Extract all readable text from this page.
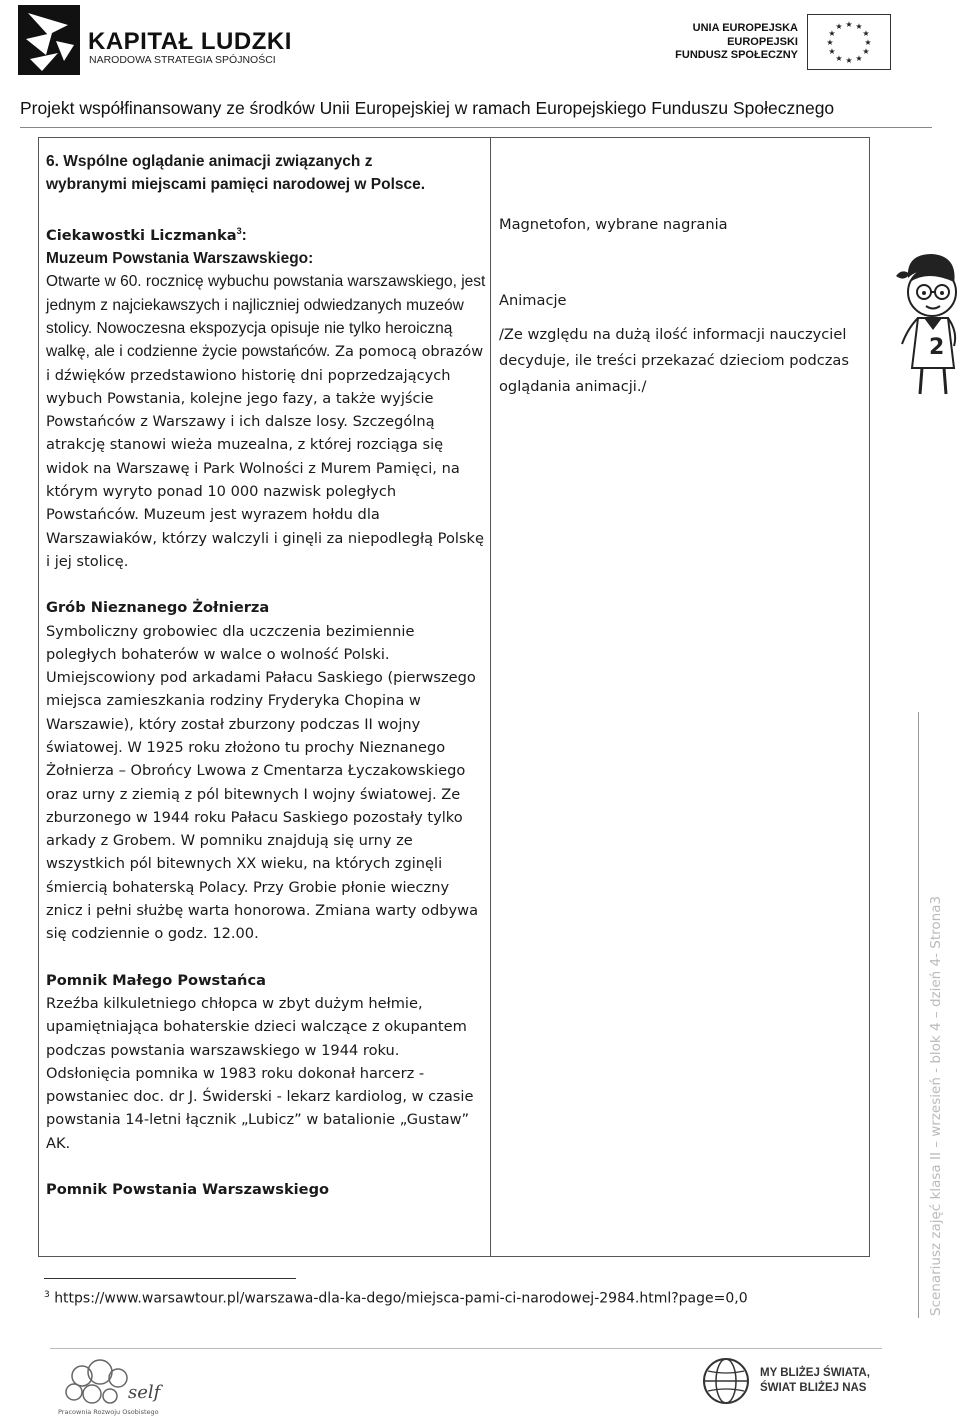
KAPITAŁ LUDZKI
NARODOWA STRATEGIA SPÓJNOŚCI
UNIA EUROPEJSKA
EUROPEJSKI
FUNDUSZ SPOŁECZNY
★ ★
★
★
★
★
★
★
★
★
★
★
Projekt współfinansowany ze środków Unii Europejskiej w ramach Europejskiego Funduszu Społecznego

6. Wspólne oglądanie animacji związanych z

wybranymi miejscami pamięci narodowej w Polsce.

Ciekawostki Liczmanka$^3$:

Muzeum Powstania Warszawskiego:

Otwarte w 60. rocznicę wybuchu powstania warszawskiego, jest jednym z najciekawszych i najliczniej odwiedzanych muzeów stolicy. Nowoczesna ekspozycja opisuje nie tylko heroiczną walkę, ale i codzienne życie powstańców. Za pomocą obrazów i dźwięków przedstawiono historię dni poprzedzających wybuch Powstania, kolejne jego fazy, a także wyjście Powstańców z Warszawy i ich dalsze losy. Szczególną atrakcję stanowi wieża muzealna, z której rozciąga się widok na Warszawę i Park Wolności z Murem Pamięci, na którym wyryto ponad 10 000 nazwisk poległych Powstańców. Muzeum jest wyrazem hołdu dla Warszawiaków, którzy walczyli i ginęli za niepodległą Polskę i jej stolicę.

Grób Nieznanego Żołnierza

Symboliczny grobowiec dla uczczenia bezimiennie poległych bohaterów w walce o wolność Polski. Umiejscowiony pod arkadami Pałacu Saskiego (pierwszego miejsca zamieszkania rodziny Fryderyka Chopina w Warszawie), który został zburzony podczas II wojny światowej. W 1925 roku złożono tu prochy Nieznanego Żołnierza – Obrońcy Lwowa z Cmentarza Łyczakowskiego oraz urny z ziemią z pól bitewnych I wojny światowej. Ze zburzonego w 1944 roku Pałacu Saskiego pozostały tylko arkady z Grobem. W pomniku znajdują się urny ze wszystkich pól bitewnych XX wieku, na których zginęli śmiercią bohaterską Polacy. Przy Grobie płonie wieczny znicz i pełni służbę warta honorowa. Zmiana warty odbywa się codziennie o godz. 12.00.

Pomnik Małego Powstańca

Rzeźba kilkuletniego chłopca w zbyt dużym hełmie, upamiętniająca bohaterskie dzieci walczące z okupantem podczas powstania warszawskiego w 1944 roku. Odsłonięcia pomnika w 1983 roku dokonał harcerz - powstaniec doc. dr J. Świderski - lekarz kardiolog, w czasie powstania 14-letni łącznik „Lubicz” w batalionie „Gustaw” AK.

Pomnik Powstania Warszawskiego

Magnetofon, wybrane nagrania

Animacje

/Ze względu na dużą ilość informacji nauczyciel decyduje, ile treści przekazać dzieciom podczas oglądania animacji./

2
$^3$ https://www.warsawtour.pl/warszawa-dla-ka-dego/miejsca-pami-ci-narodowej-2984.html?page=0,0	Scenariusz zajęć klasa II – wrzesień - blok 4 – dzień 4- Strona3
self
Pracownia Rozwoju Osobistego
MY BLIŻEJ ŚWIATA,
ŚWIAT BLIŻEJ NAS
